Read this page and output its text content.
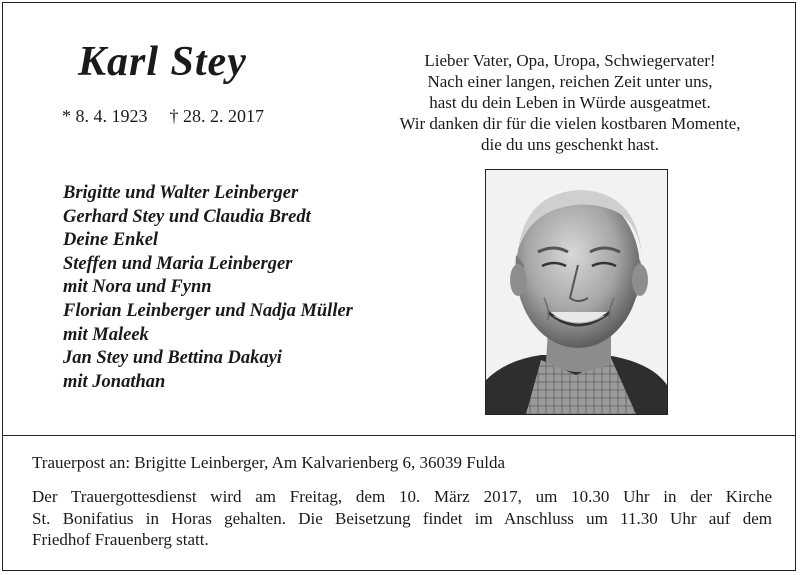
Karl Stey
* 8. 4. 1923 † 28. 2. 2017
Lieber Vater, Opa, Uropa, Schwiegervater!
Nach einer langen, reichen Zeit unter uns,
hast du dein Leben in Würde ausgeatmet.
Wir danken dir für die vielen kostbaren Momente,
die du uns geschenkt hast.
Brigitte und Walter Leinberger
Gerhard Stey und Claudia Bredt
Deine Enkel
Steffen und Maria Leinberger
mit Nora und Fynn
Florian Leinberger und Nadja Müller
mit Maleek
Jan Stey und Bettina Dakayi
mit Jonathan
Trauerpost an: Brigitte Leinberger, Am Kalvarienberg 6, 36039 Fulda
Der Trauergottesdienst wird am Freitag, dem 10. März 2017, um 10.30 Uhr in der Kirche
St. Bonifatius in Horas gehalten. Die Beisetzung findet im Anschluss um 11.30 Uhr auf dem
Friedhof Frauenberg statt.
